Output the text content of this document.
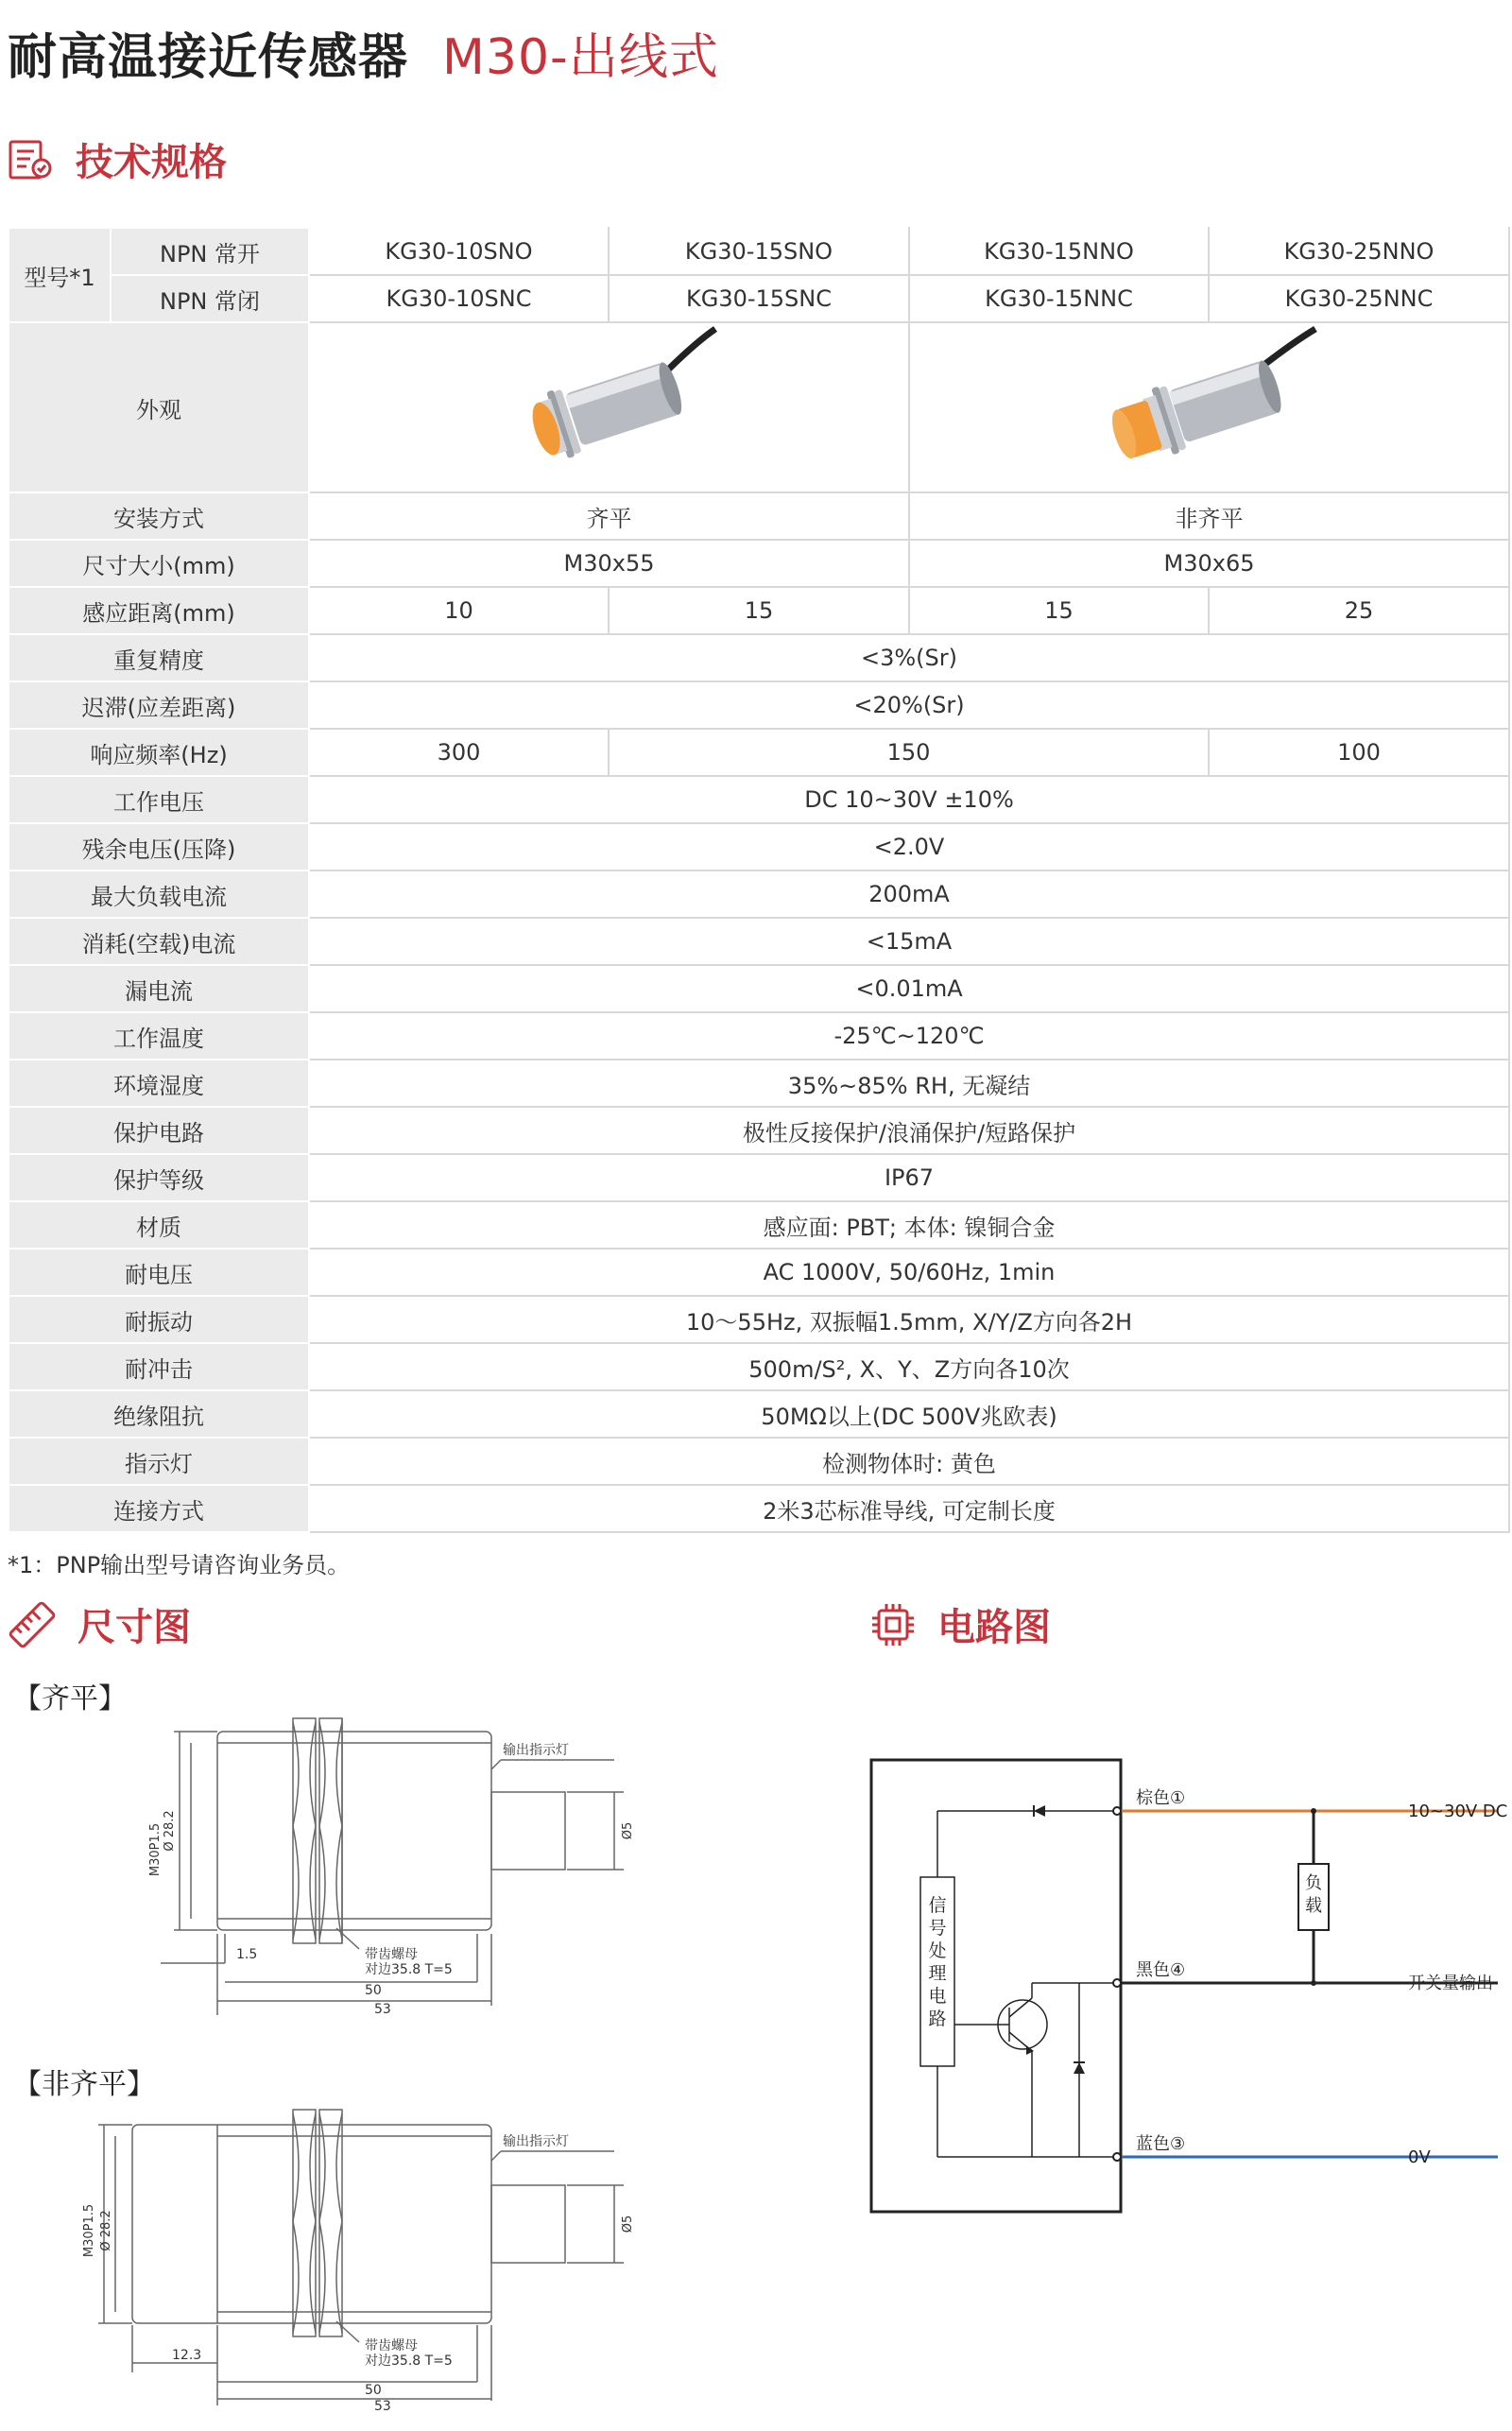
耐高温接近传感器 M30-出线式
技术规格
型号*1	NPN 常开	KG30-10SNO	KG30-15SNO	KG30-15NNO	KG30-25NNO
	NPN 常闭	KG30-10SNC	KG30-15SNC	KG30-15NNC	KG30-25NNC
外观		
安装方式		齐平		非齐平	
尺寸大小(mm)		M30x55		M30x65	
感应距离(mm)		10	15	15	25
重复精度		<3%(Sr)			
迟滞(应差距离)		<20%(Sr)			
响应频率(Hz)		300	150		100
工作电压		DC 10~30V ±10%			
残余电压(压降)		<2.0V			
最大负载电流		200mA			
消耗(空载)电流		<15mA			
漏电流		<0.01mA			
工作温度		-25℃~120℃			
环境湿度		35%~85% RH, 无凝结			
保护电路		极性反接保护/浪涌保护/短路保护			
保护等级		IP67			
材质		感应面: PBT; 本体: 镍铜合金			
耐电压		AC 1000V, 50/60Hz, 1min			
耐振动		10～55Hz, 双振幅1.5mm, X/Y/Z方向各2H			
耐冲击		500m/S², X、Y、Z方向各10次			
绝缘阻抗		50MΩ以上(DC 500V兆欧表)			
指示灯		检测物体时: 黄色			
连接方式		2米3芯标准导线, 可定制长度			
*1：PNP输出型号请咨询业务员。
尺寸图	电路图
【齐平】
【非齐平】
M30P1.5 Ø 28.2
输出指示灯
Ø5
带齿螺母
对边35.8 T=5
1.5
50
53
M30P1.5 Ø 28.2
输出指示灯
Ø5
带齿螺母
对边35.8 T=5
12.3
50
53
负
载
信
号
处
理
电
路
棕色①
黑色④
蓝色③
10~30V DC
开关量输出
0V
